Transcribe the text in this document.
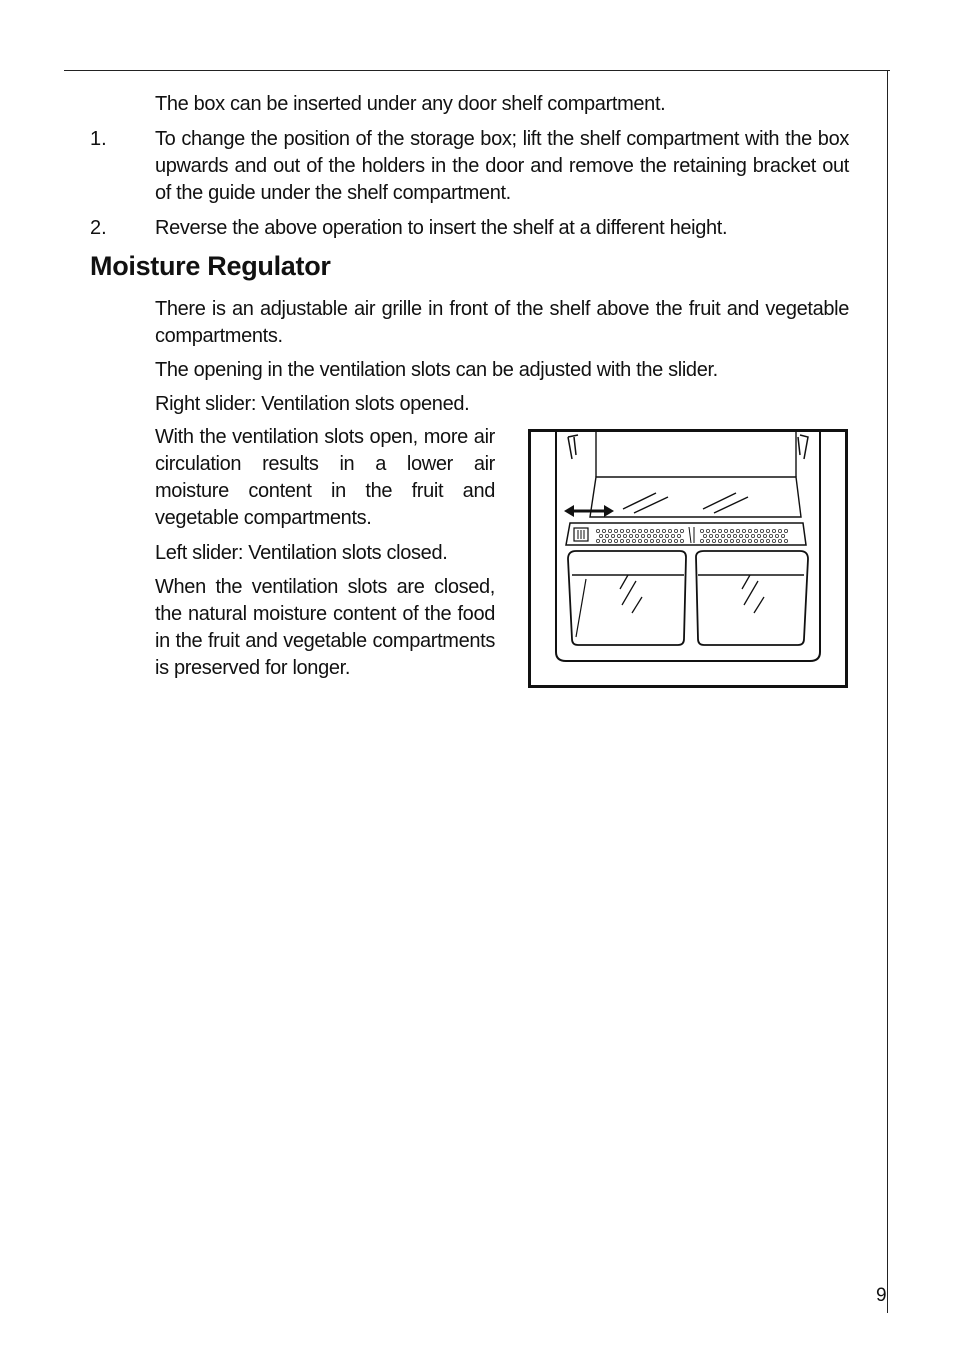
The box can be inserted under any door shelf compartment.

1. To change the position of the storage box; lift the shelf compartment with the box upwards and out of the holders in the door and remove the retaining bracket out of the guide under the shelf compartment.

2. Reverse the above operation to insert the shelf at a different height.

Moisture Regulator

There is an adjustable air grille in front of the shelf above the fruit and vegetable compartments.

The opening in the ventilation slots can be adjusted with the slider.

Right slider: Ventilation slots opened.

With the ventilation slots open, more air circulation results in a lower air moisture content in the fruit and vegetable compartments.

Left slider: Ventilation slots closed.

When the ventilation slots are closed, the natural moisture content of the food in the fruit and vegetable compartments is preserved for longer.

9
